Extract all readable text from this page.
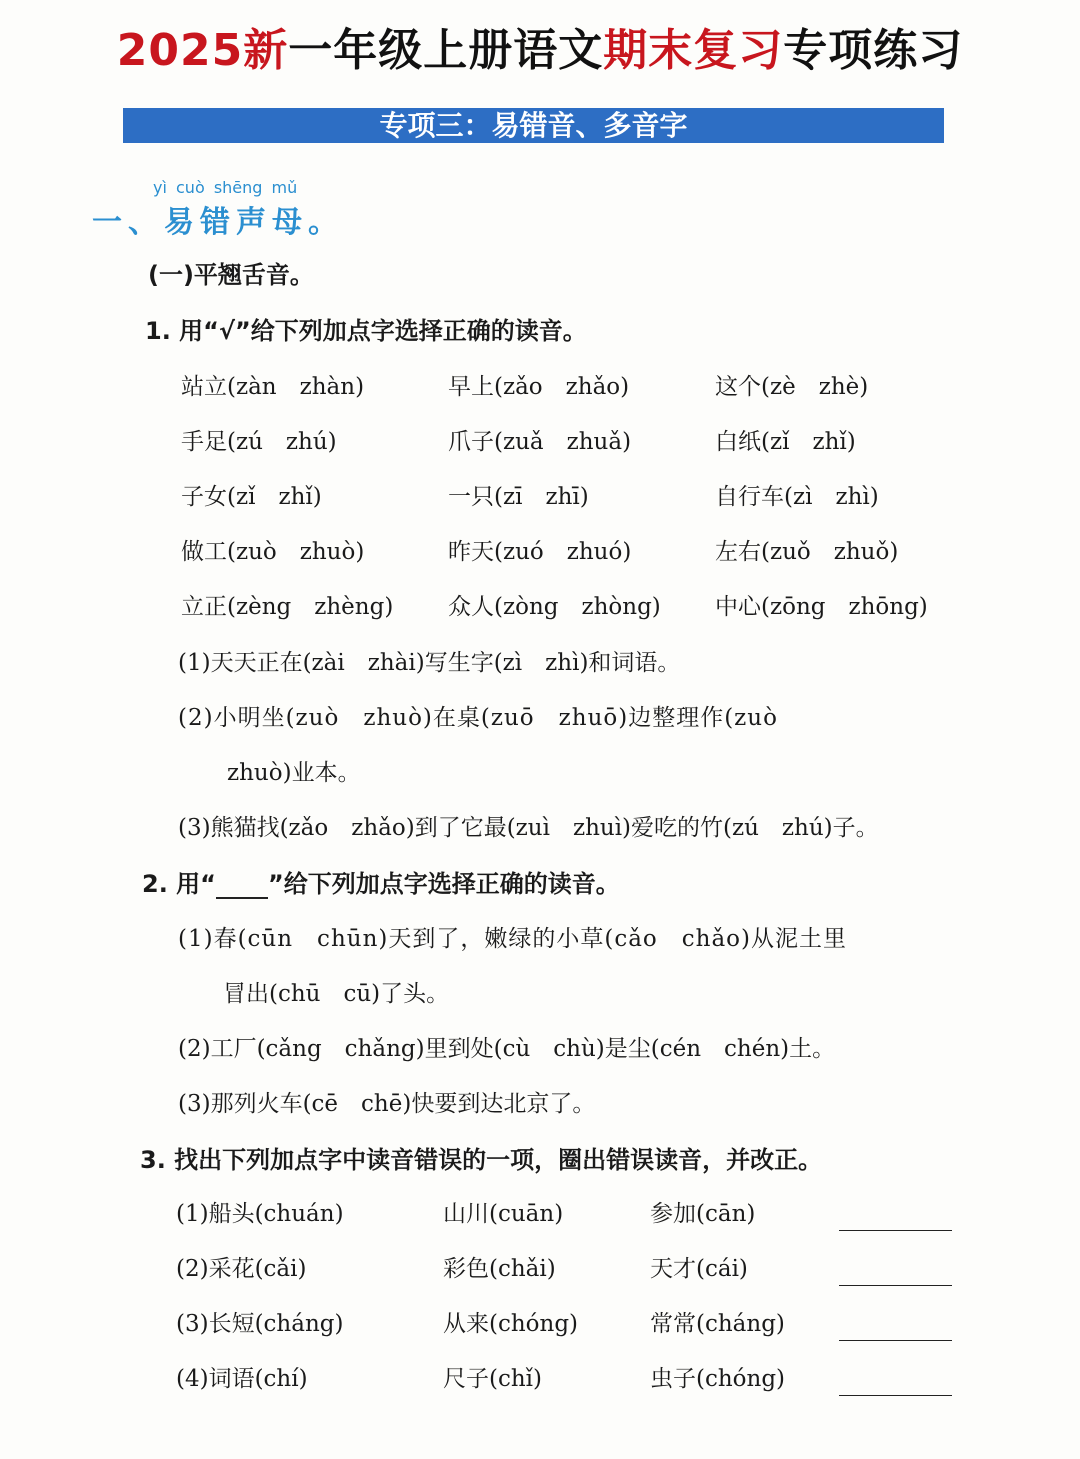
2025新一年级上册语文期末复习专项练习
专项三：易错音、多音字
yì cuò shēng mǔ
一、易错声母。
(一)平翘舌音。
1. 用“√”给下列加点字选择正确的读音。
站立(zàn　zhàn)	早上(zǎo　zhǎo)	这个(zè　zhè)
手足(zú　zhú)	爪子(zuǎ　zhuǎ)	白纸(zǐ　zhǐ)
子女(zǐ　zhǐ)	一只(zī　zhī)	自行车(zì　zhì)
做工(zuò　zhuò)	昨天(zuó　zhuó)	左右(zuǒ　zhuǒ)
立正(zèng　zhèng) 众人(zòng　zhòng) 中心(zōng　zhōng)
(1)天天正在(zài　zhài)写生字(zì　zhì)和词语。
(2)小明坐(zuò　zhuò)在桌(zuō　zhuō)边整理作(zuò
zhuò)业本。
(3)熊猫找(zǎo　zhǎo)到了它最(zuì　zhuì)爱吃的竹(zú　zhú)子。
2. 用“ ”给下列加点字选择正确的读音。
(1)春(cūn　chūn)天到了，嫩绿的小草(cǎo　chǎo)从泥土里
冒出(chū　cū)了头。
(2)工厂(cǎng　chǎng)里到处(cù　chù)是尘(cén　chén)土。
(3)那列火车(cē　chē)快要到达北京了。
3. 找出下列加点字中读音错误的一项，圈出错误读音，并改正。
(1)船头(chuán)	山川(cuān)	参加(cān)
(2)采花(cǎi)	彩色(chǎi)	天才(cái)
(3)长短(cháng)	从来(chóng)	常常(cháng)
(4)词语(chí)	尺子(chǐ)	虫子(chóng)
